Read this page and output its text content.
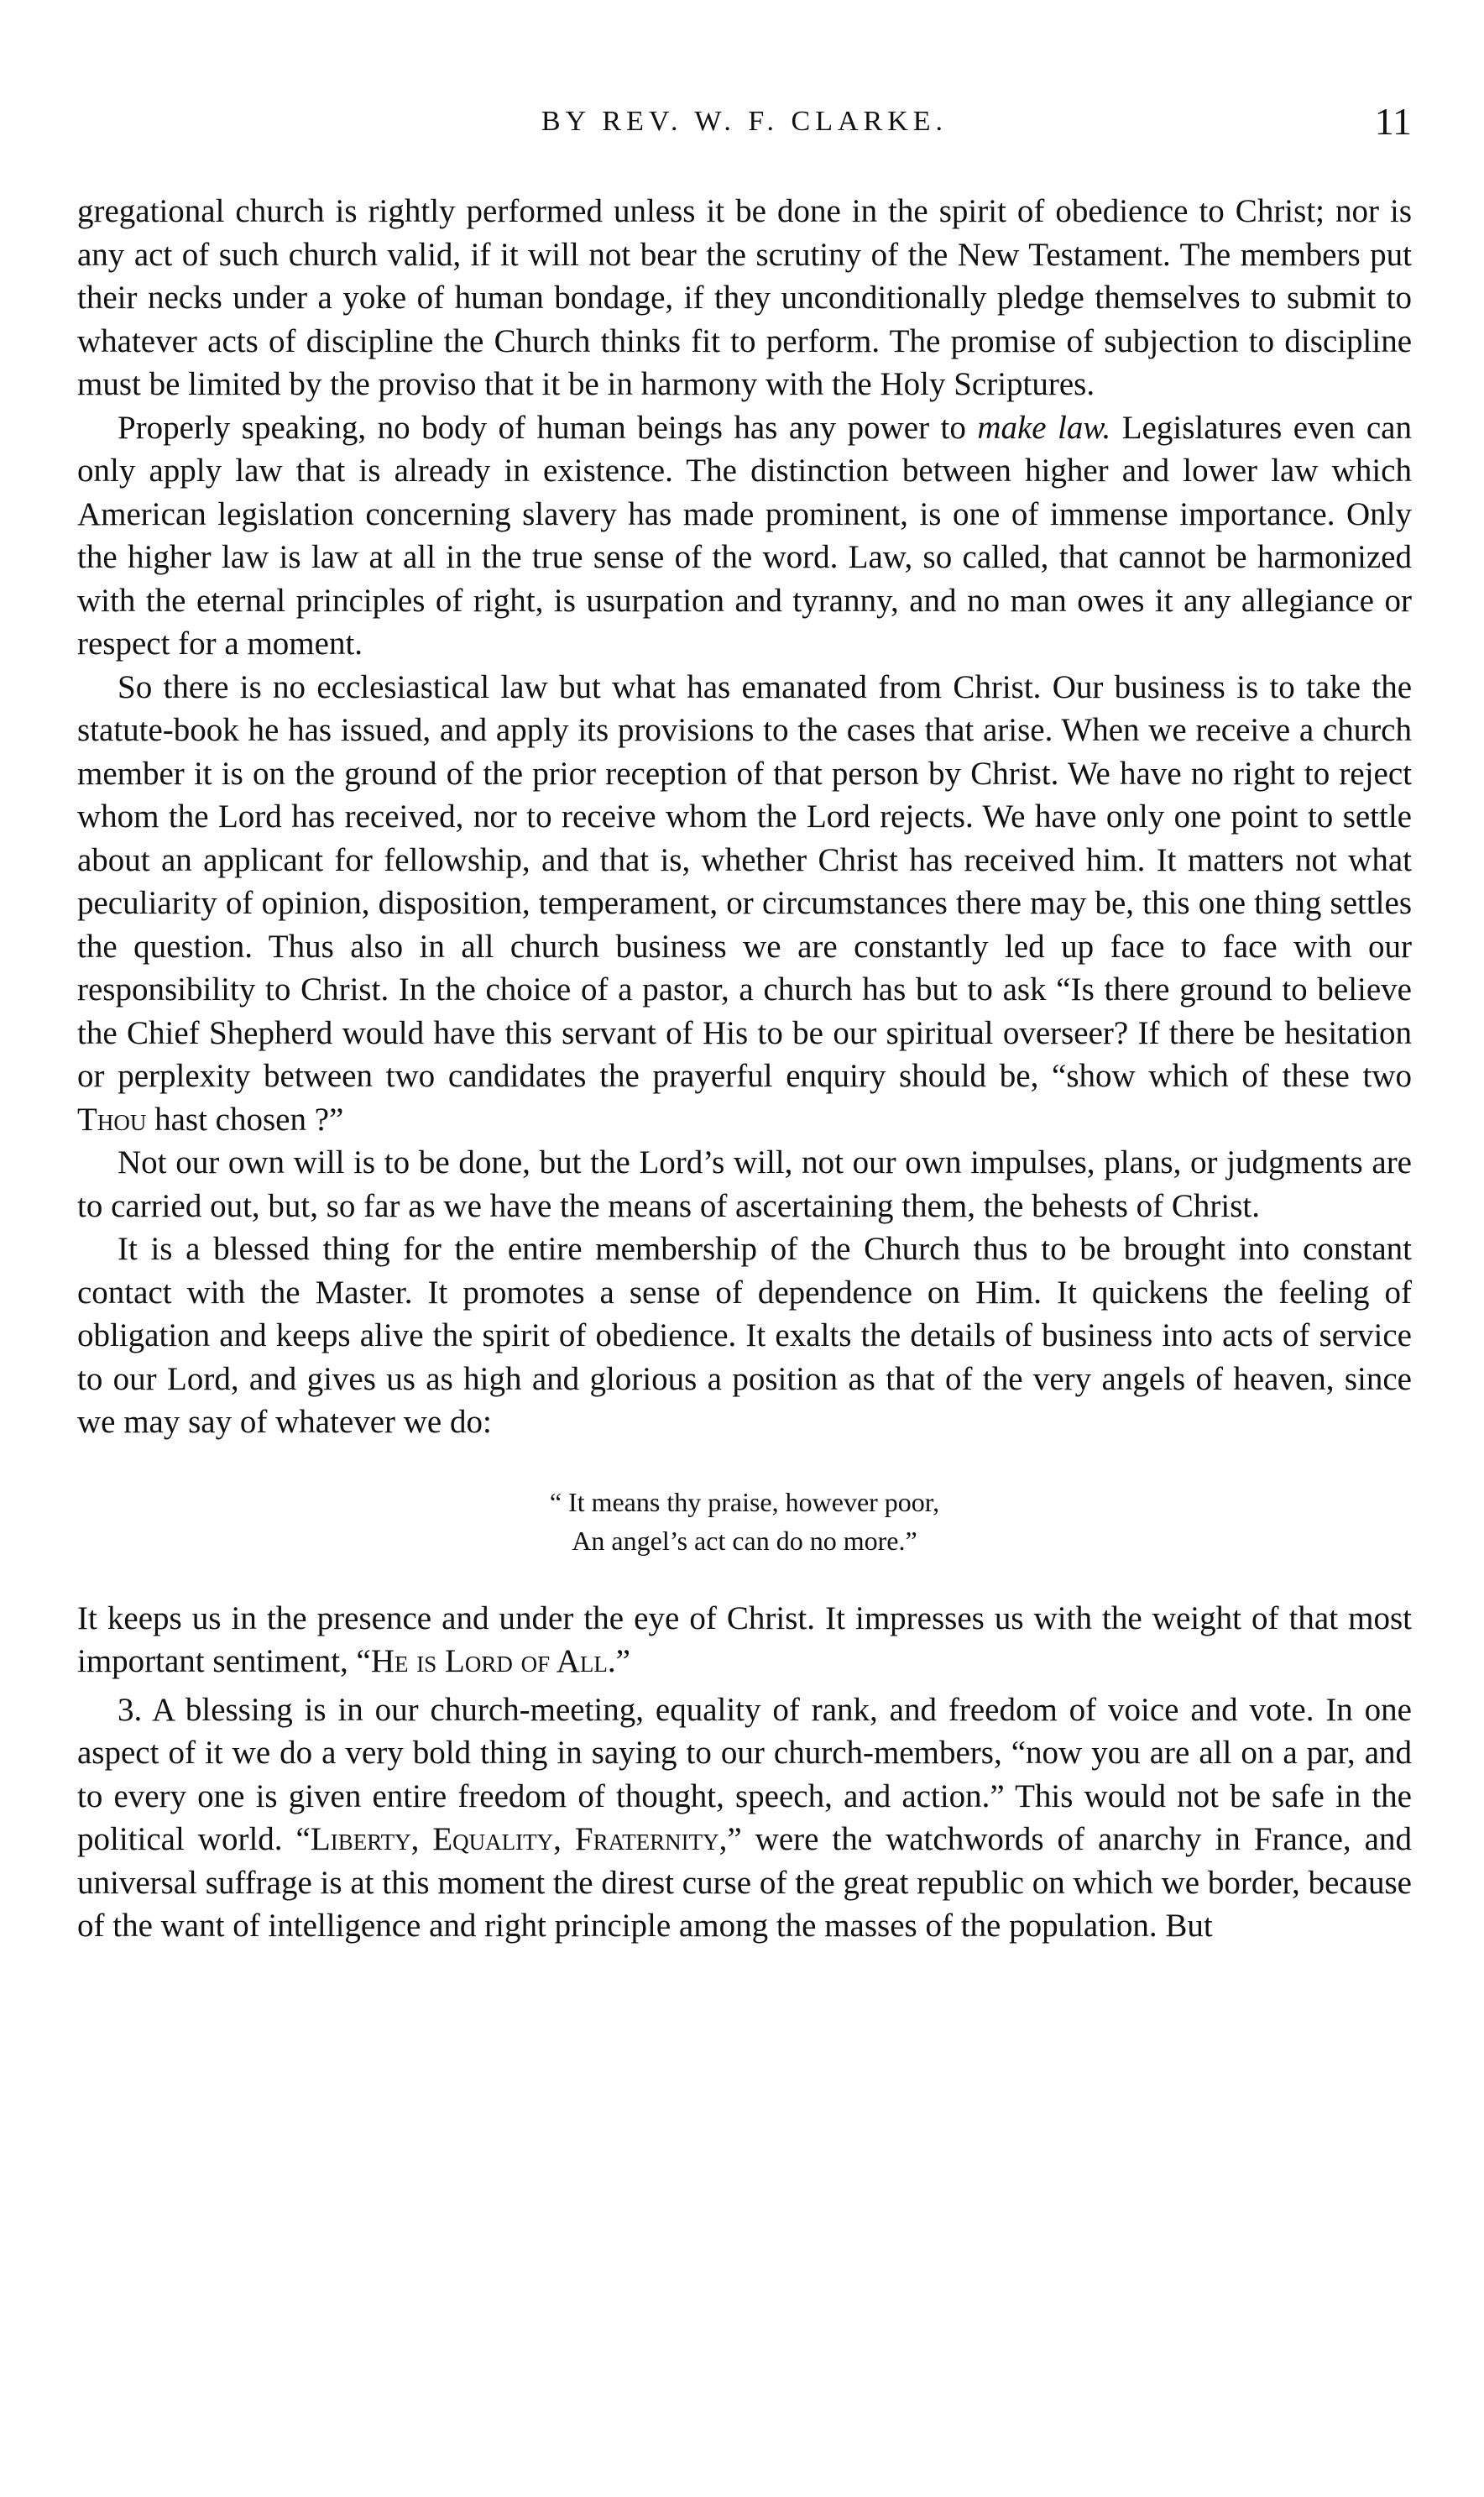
BY REV. W. F. CLARKE.	11

gregational church is rightly performed unless it be done in the spirit of obedience to Christ; nor is any act of such church valid, if it will not bear the scrutiny of the New Testament. The members put their necks under a yoke of human bondage, if they unconditionally pledge themselves to submit to whatever acts of discipline the Church thinks fit to perform. The promise of subjection to discipline must be limited by the proviso that it be in harmony with the Holy Scriptures.

Properly speaking, no body of human beings has any power to make law. Legislatures even can only apply law that is already in existence. The distinction between higher and lower law which American legislation concerning slavery has made prominent, is one of immense importance. Only the higher law is law at all in the true sense of the word. Law, so called, that cannot be harmonized with the eternal principles of right, is usurpation and tyranny, and no man owes it any allegiance or respect for a moment.

So there is no ecclesiastical law but what has emanated from Christ. Our business is to take the statute-book he has issued, and apply its provisions to the cases that arise. When we receive a church member it is on the ground of the prior reception of that person by Christ. We have no right to reject whom the Lord has received, nor to receive whom the Lord rejects. We have only one point to settle about an applicant for fellowship, and that is, whether Christ has received him. It matters not what peculiarity of opinion, disposition, temperament, or circumstances there may be, this one thing settles the question. Thus also in all church business we are constantly led up face to face with our responsibility to Christ. In the choice of a pastor, a church has but to ask “Is there ground to believe the Chief Shepherd would have this servant of His to be our spiritual overseer? If there be hesitation or perplexity between two candidates the prayerful enquiry should be, “show which of these two Thou hast chosen ?”

Not our own will is to be done, but the Lord’s will, not our own impulses, plans, or judgments are to carried out, but, so far as we have the means of ascertaining them, the behests of Christ.

It is a blessed thing for the entire membership of the Church thus to be brought into constant contact with the Master. It promotes a sense of dependence on Him. It quickens the feeling of obligation and keeps alive the spirit of obedience. It exalts the details of business into acts of service to our Lord, and gives us as high and glorious a position as that of the very angels of heaven, since we may say of whatever we do:

“ It means thy praise, however poor,
An angel’s act can do no more.”

It keeps us in the presence and under the eye of Christ. It impresses us with the weight of that most important sentiment, “He is Lord of All.”

3. A blessing is in our church-meeting, equality of rank, and freedom of voice and vote. In one aspect of it we do a very bold thing in saying to our church-members, “now you are all on a par, and to every one is given entire freedom of thought, speech, and action.” This would not be safe in the political world. “Liberty, Equality, Fraternity,” were the watchwords of anarchy in France, and universal suffrage is at this moment the direst curse of the great republic on which we border, because of the want of intelligence and right principle among the masses of the population. But
